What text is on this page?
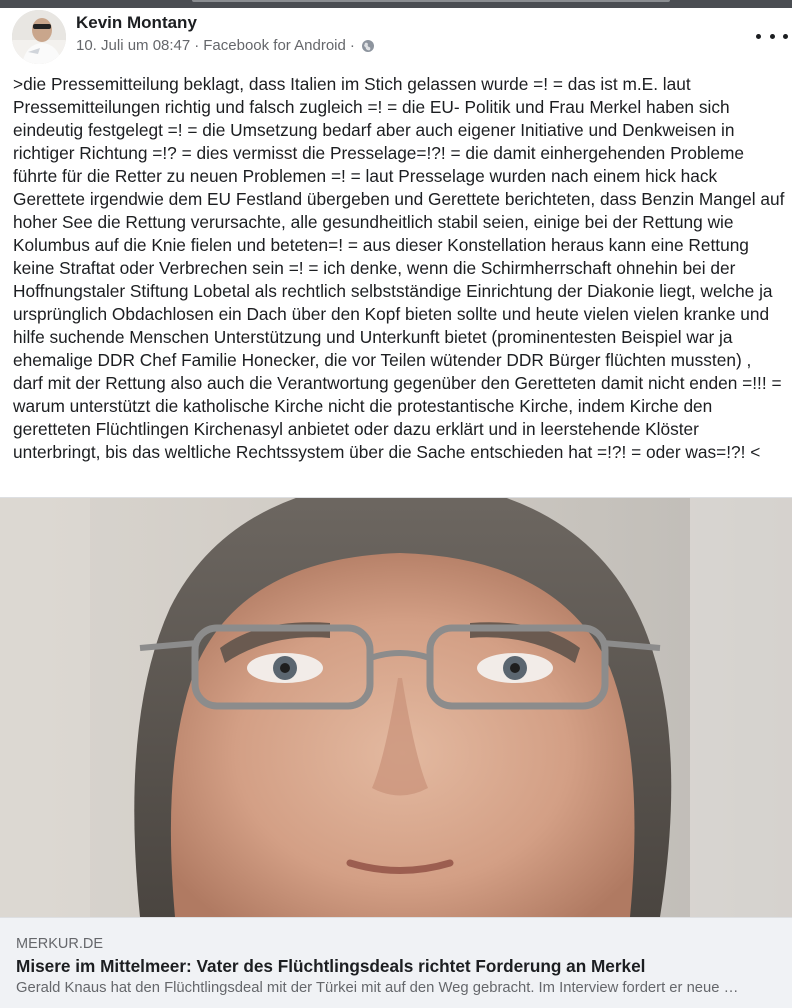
Kevin Montany
10. Juli um 08:47 · Facebook for Android ·
>die Pressemitteilung beklagt, dass Italien im Stich gelassen wurde =! = das ist m.E. laut Pressemitteilungen richtig und falsch zugleich =! = die EU- Politik und Frau Merkel haben sich eindeutig festgelegt =! = die Umsetzung bedarf aber auch eigener Initiative und Denkweisen in richtiger Richtung =!? = dies vermisst die Presselage=!?! = die damit einhergehenden Probleme führte für die Retter zu neuen Problemen =! = laut Presselage wurden nach einem hick hack Gerettete irgendwie dem EU Festland übergeben und Gerettete berichteten, dass Benzin Mangel auf hoher See die Rettung verursachte, alle gesundheitlich stabil seien, einige bei der Rettung wie Kolumbus auf die Knie fielen und beteten=! = aus dieser Konstellation heraus kann eine Rettung keine Straftat oder Verbrechen sein =! = ich denke, wenn die Schirmherrschaft ohnehin bei der Hoffnungstaler Stiftung Lobetal als rechtlich selbstständige Einrichtung der Diakonie liegt, welche ja ursprünglich Obdachlosen ein Dach über den Kopf bieten sollte und heute vielen vielen kranke und hilfe suchende Menschen Unterstützung und Unterkunft bietet (prominentesten Beispiel war ja ehemalige DDR Chef Familie Honecker, die vor Teilen wütender DDR Bürger flüchten mussten) , darf mit der Rettung also auch die Verantwortung gegenüber den Geretteten damit nicht enden =!!! = warum unterstützt die katholische Kirche nicht die protestantische Kirche, indem Kirche den geretteten Flüchtlingen Kirchenasyl anbietet oder dazu erklärt und in leerstehende Klöster unterbringt, bis das weltliche Rechtssystem über die Sache entschieden hat =!?! = oder was=!?! <
MERKUR.DE
Misere im Mittelmeer: Vater des Flüchtlingsdeals richtet Forderung an Merkel
Gerald Knaus hat den Flüchtlingsdeal mit der Türkei mit auf den Weg gebracht. Im Interview fordert er neue …
